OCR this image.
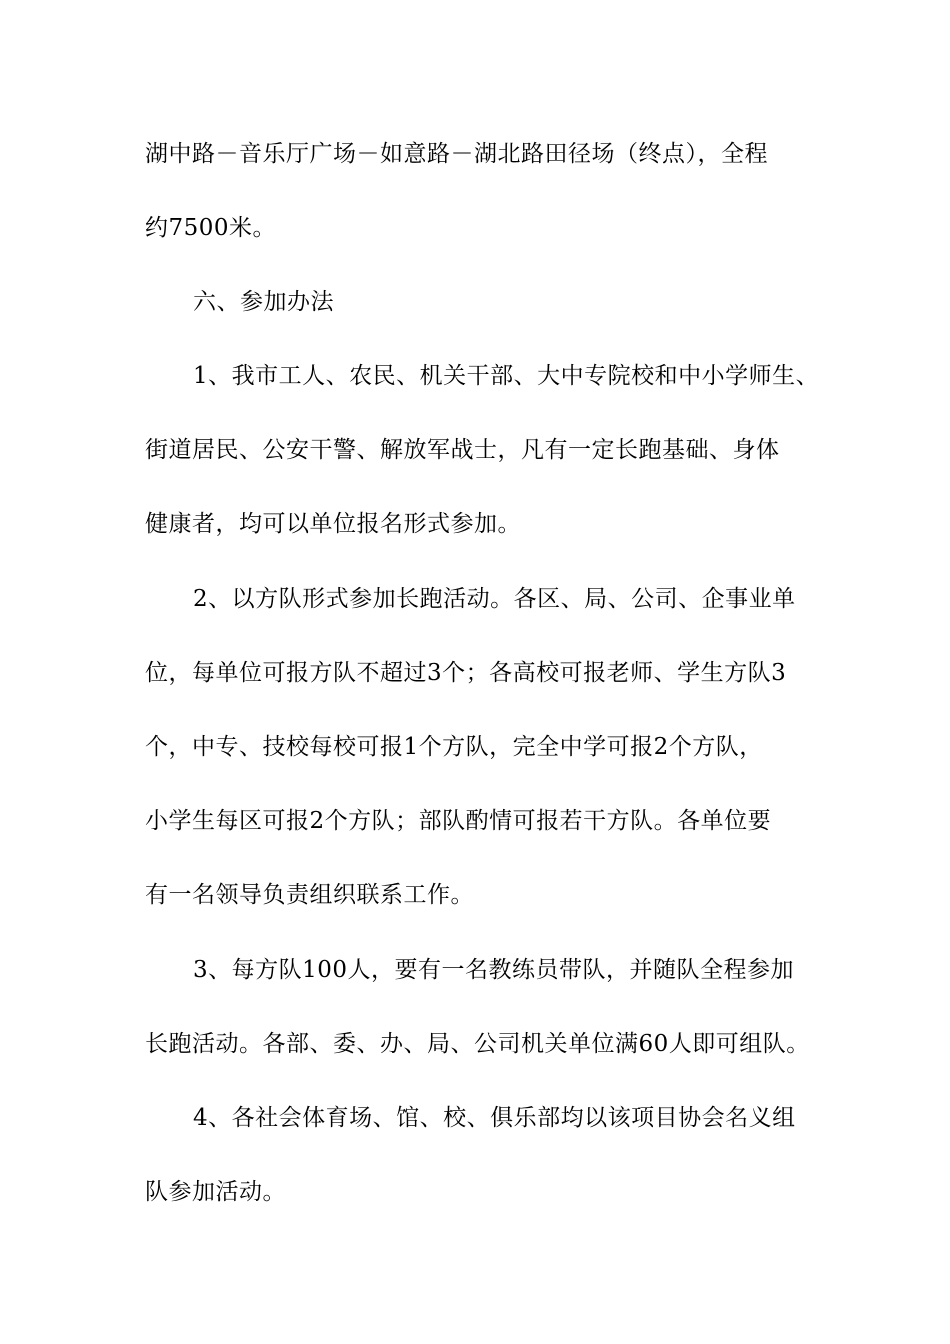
湖中路－音乐厅广场－如意路－湖北路田径场（终点），全程
约7500米。
六、参加办法
1、我市工人、农民、机关干部、大中专院校和中小学师生、
街道居民、公安干警、解放军战士，凡有一定长跑基础、身体
健康者，均可以单位报名形式参加。
2、以方队形式参加长跑活动。各区、局、公司、企事业单
位，每单位可报方队不超过3个；各高校可报老师、学生方队3
个，中专、技校每校可报1个方队，完全中学可报2个方队，
小学生每区可报2个方队；部队酌情可报若干方队。各单位要
有一名领导负责组织联系工作。
3、每方队100人，要有一名教练员带队，并随队全程参加
长跑活动。各部、委、办、局、公司机关单位满60人即可组队。
4、各社会体育场、馆、校、俱乐部均以该项目协会名义组
队参加活动。
